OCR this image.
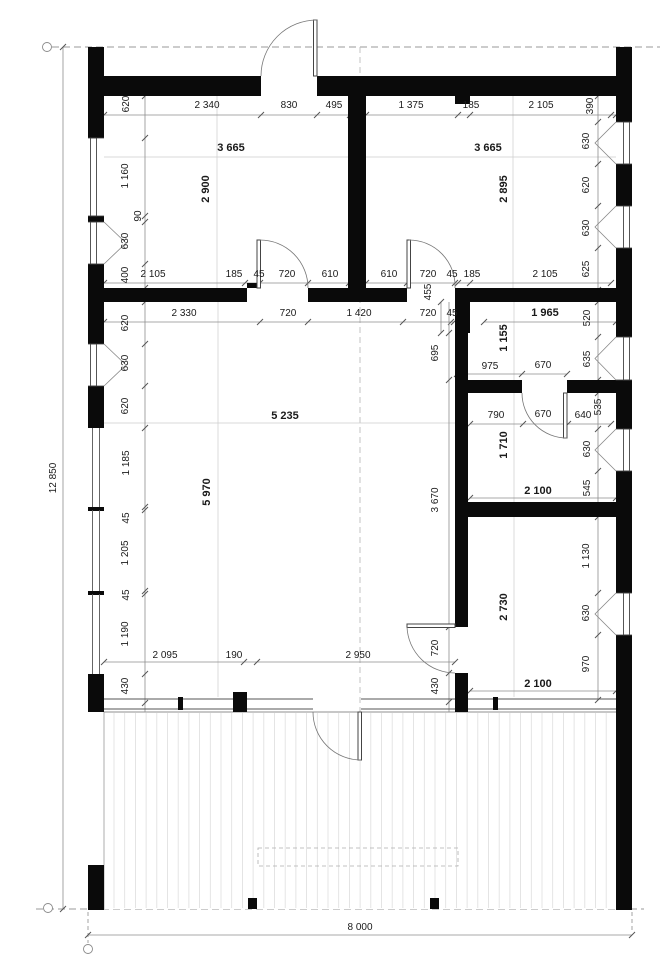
620	2 340	830	495	1 375	185	2 105	390
3 665
2 900
3 665
2 895
1 160
90
630
400
630
620
630
625
2 105	185 45 720	610	610 720 45 185	2 105
2 330	720	1 420	720 45
455
1 965 520
1 155
695	635
975	670
790	670 640
535
1 710	630
545
2 100
5 235
5 970
620
630
620
1 185
45
1 205
45
1 190
430
2 095	190	2 950
3 670
1 130
2 730	630
970
2 100
720
430
12 850
8 000
